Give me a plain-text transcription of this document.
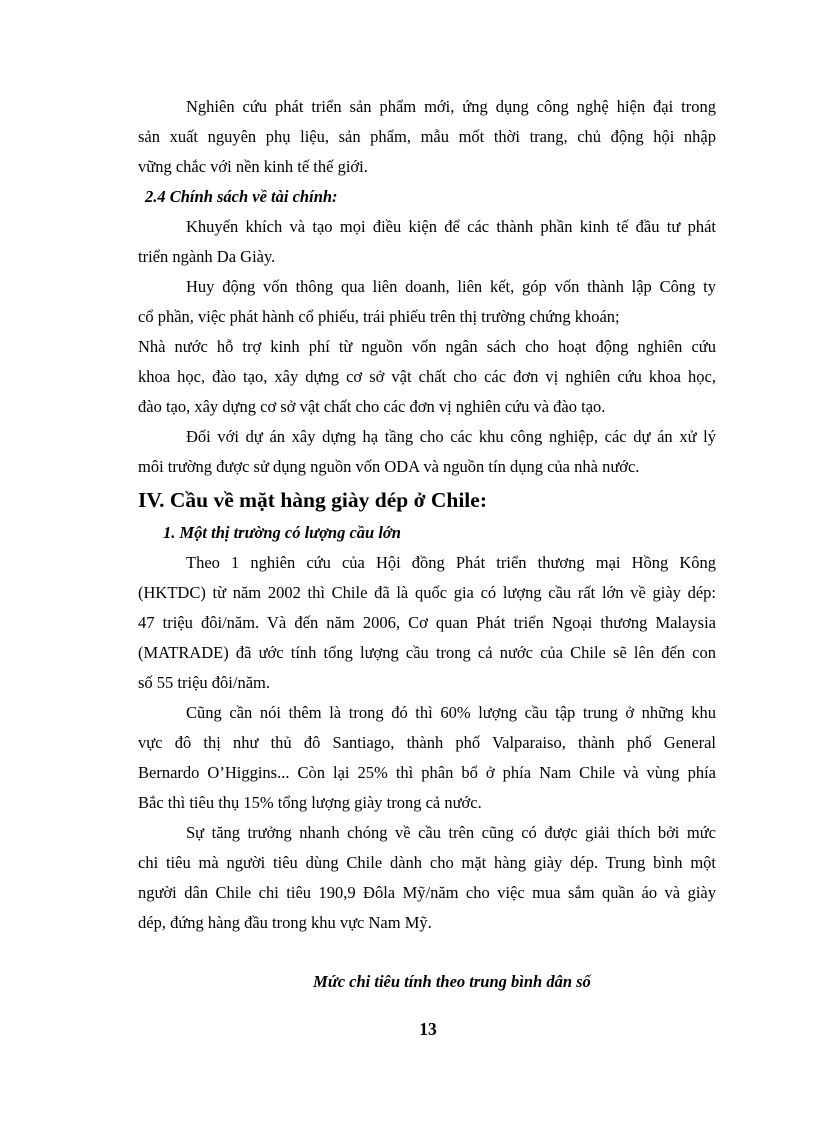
Nghiên cứu phát triển sản phẩm mới, ứng dụng công nghệ hiện đại trong
sản xuất nguyên phụ liệu, sản phẩm, mẫu mốt thời trang, chủ động hội nhập
vững chắc với nền kinh tế thế giới.
2.4 Chính sách về tài chính:
Khuyến khích và tạo mọi điều kiện để các thành phần kinh tế đầu tư phát
triển ngành Da Giày.
Huy động vốn thông qua liên doanh, liên kết, góp vốn thành lập Công ty
cổ phần, việc phát hành cổ phiếu, trái phiếu trên thị trường chứng khoán;
Nhà nước hỗ trợ kinh phí từ nguồn vốn ngân sách cho hoạt động nghiên cứu
khoa học, đào tạo, xây dựng cơ sở vật chất cho các đơn vị nghiên cứu khoa học,
đào tạo, xây dựng cơ sở vật chất cho các đơn vị nghiên cứu và đào tạo.
Đối với dự án xây dựng hạ tầng cho các khu công nghiệp, các dự án xử lý
môi trường được sử dụng nguồn vốn ODA và nguồn tín dụng của nhà nước.
IV. Cầu về mặt hàng giày dép ở Chile:
1. Một thị trường có lượng cầu lớn
Theo 1 nghiên cứu của Hội đồng Phát triển thương mại Hồng Kông
(HKTDC) từ năm 2002 thì Chile đã là quốc gia có lượng cầu rất lớn về giày dép:
47 triệu đôi/năm. Và đến năm 2006, Cơ quan Phát triển Ngoại thương Malaysia
(MATRADE) đã ước tính tổng lượng cầu trong cả nước của Chile sẽ lên đến con
số 55 triệu đôi/năm.
Cũng cần nói thêm là trong đó thì 60% lượng cầu tập trung ở những khu
vực đô thị như thủ đô Santiago, thành phố Valparaiso, thành phố General
Bernardo O’Higgins... Còn lại 25% thì phân bổ ở phía Nam Chile và vùng phía
Bắc thì tiêu thụ 15% tổng lượng giày trong cả nước.
Sự tăng trưởng nhanh chóng về cầu trên cũng có được giải thích bởi mức
chi tiêu mà người tiêu dùng Chile dành cho mặt hàng giày dép. Trung bình một
người dân Chile chi tiêu 190,9 Đôla Mỹ/năm cho việc mua sắm quần áo và giày
dép, đứng hàng đầu trong khu vực Nam Mỹ.
Mức chi tiêu tính theo trung bình dân số
13
